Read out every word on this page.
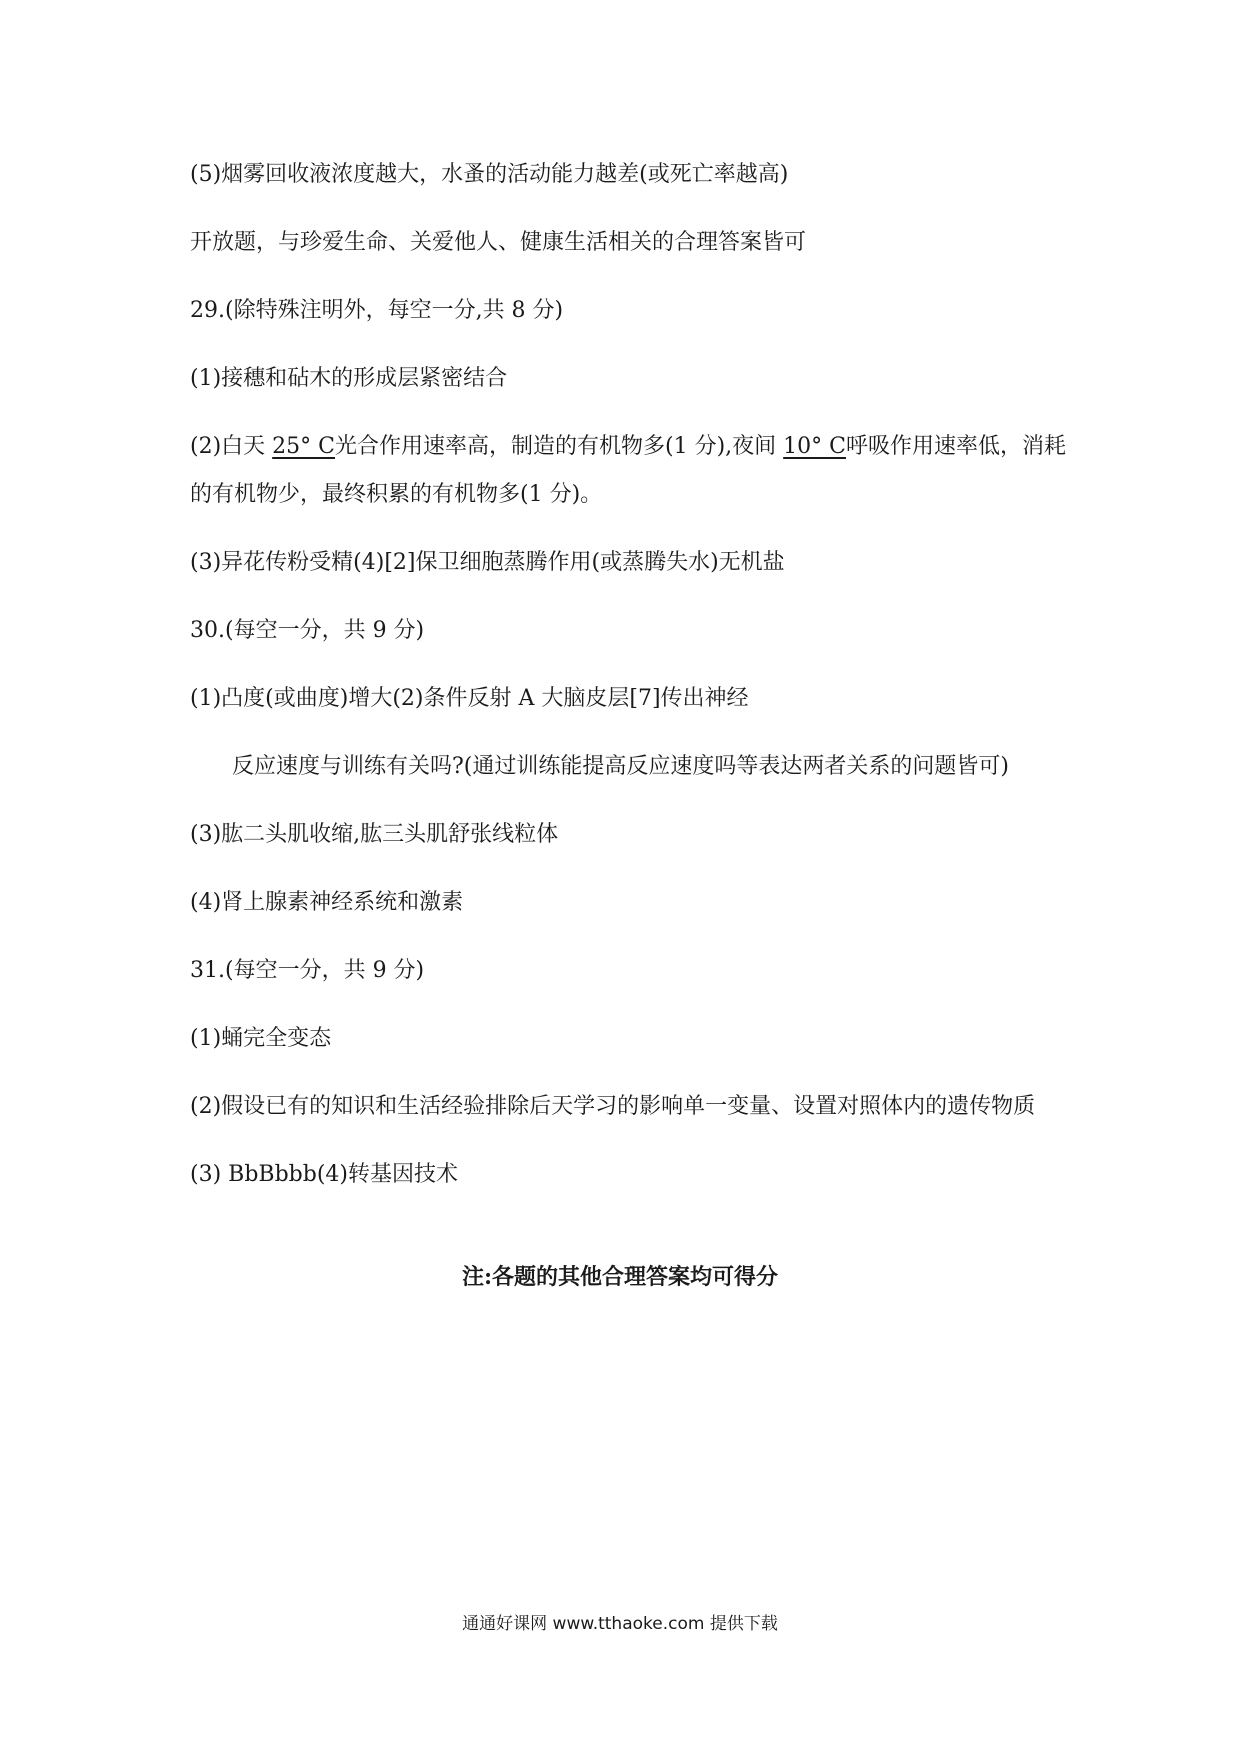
(5)烟雾回收液浓度越大，水蚤的活动能力越差(或死亡率越高)
开放题，与珍爱生命、关爱他人、健康生活相关的合理答案皆可
29.(除特殊注明外，每空一分,共 8 分)
(1)接穗和砧木的形成层紧密结合
(2)白天 25° C光合作用速率高，制造的有机物多(1 分),夜间 10° C呼吸作用速率低，消耗
的有机物少，最终积累的有机物多(1 分)。
(3)异花传粉受精(4)[2]保卫细胞蒸腾作用(或蒸腾失水)无机盐
30.(每空一分，共 9 分)
(1)凸度(或曲度)增大(2)条件反射 A 大脑皮层[7]传出神经
反应速度与训练有关吗?(通过训练能提高反应速度吗等表达两者关系的问题皆可)
(3)肱二头肌收缩,肱三头肌舒张线粒体
(4)肾上腺素神经系统和激素
31.(每空一分，共 9 分)
(1)蛹完全变态
(2)假设已有的知识和生活经验排除后天学习的影响单一变量、设置对照体内的遗传物质
(3) BbBbbb(4)转基因技术
注:各题的其他合理答案均可得分
通通好课网 www.tthaoke.com 提供下载
